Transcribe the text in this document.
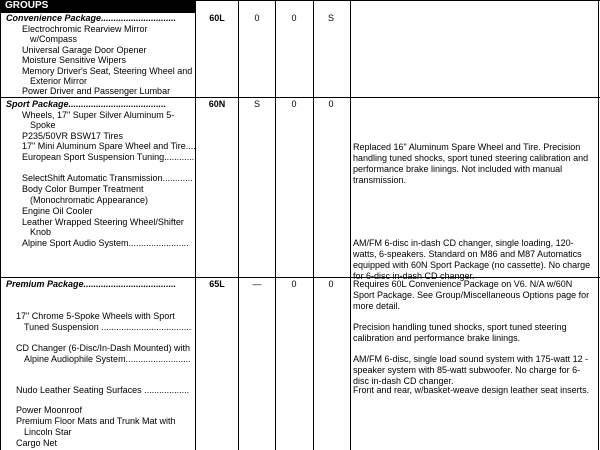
GROUPS
Convenience Package..............................	60L	0	0	S
Electrochromic Rearview Mirror
w/Compass
Universal Garage Door Opener
Moisture Sensitive Wipers
Memory Driver's Seat, Steering Wheel and
Exterior Mirror
Power Driver and Passenger Lumbar
Sport Package.......................................	60N	S	0	0
Wheels, 17" Super Silver Aluminum 5-
Spoke
P235/50VR BSW17 Tires
17" Mini Aluminum Spare Wheel and Tire....
European Sport Suspension Tuning............
SelectShift Automatic Transmission............
Body Color Bumper Treatment
(Monochromatic Appearance)
Engine Oil Cooler
Leather Wrapped Steering Wheel/Shifter
Knob
Alpine Sport Audio System........................
Replaced 16" Aluminum Spare Wheel and Tire. Precision handling tuned shocks, sport tuned steering calibration and performance brake linings. Not included with manual transmission.
AM/FM 6-disc in-dash CD changer, single loading, 120-watts, 6-speakers. Standard on M86 and M87 Automatics equipped with 60N Sport Package (no cassette). No charge for 6-disc in-dash CD changer.
Premium Package.....................................	65L	—	0	0
17" Chrome 5-Spoke Wheels with Sport
Tuned Suspension ....................................
CD Changer (6-Disc/In-Dash Mounted) with
Alpine Audiophile System..........................
Nudo Leather Seating Surfaces ..................
Power Moonroof
Premium Floor Mats and Trunk Mat with
Lincoln Star
Cargo Net
Requires 60L Convenience Package on V6. N/A w/60N Sport Package. See Group/Miscellaneous Options page for more detail.
Precision handling tuned shocks, sport tuned steering calibration and performance brake linings.
AM/FM 6-disc, single load sound system with 175-watt 12 -speaker system with 85-watt subwoofer. No charge for 6-disc in-dash CD changer.
Front and rear, w/basket-weave design leather seat inserts.
